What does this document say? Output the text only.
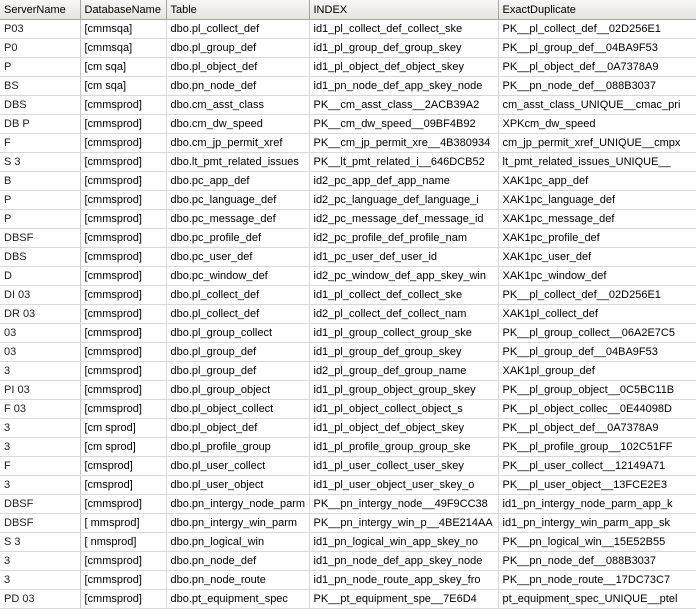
ServerName	DatabaseName	Table	INDEX	ExactDuplicate
P03	[cmmsqa]	dbo.pl_collect_def	id1_pl_collect_def_collect_ske	PK__pl_collect_def__02D256E1
P0	[cmmsqa]	dbo.pl_group_def	id1_pl_group_def_group_skey	PK__pl_group_def__04BA9F53
P	[cm sqa]	dbo.pl_object_def	id1_pl_object_def_object_skey	PK__pl_object_def__0A7378A9
BS	[cm sqa]	dbo.pn_node_def	id1_pn_node_def_app_skey_node	PK__pn_node_def__088B3037
DBS	[cmmsprod]	dbo.cm_asst_class	PK__cm_asst_class__2ACB39A2	cm_asst_class_UNIQUE__cmac_pri
DB P	[cmmsprod]	dbo.cm_dw_speed	PK__cm_dw_speed__09BF4B92	XPKcm_dw_speed
F	[cmmsprod]	dbo.cm_jp_permit_xref	PK__cm_jp_permit_xre__4B380934	cm_jp_permit_xref_UNIQUE__cmpx
S 3	[cmmsprod]	dbo.lt_pmt_related_issues	PK__lt_pmt_related_i__646DCB52	lt_pmt_related_issues_UNIQUE__
B	[cmmsprod]	dbo.pc_app_def	id2_pc_app_def_app_name	XAK1pc_app_def
P	[cmmsprod]	dbo.pc_language_def	id2_pc_language_def_language_i	XAK1pc_language_def
P	[cmmsprod]	dbo.pc_message_def	id2_pc_message_def_message_id	XAK1pc_message_def
DBSF	[cmmsprod]	dbo.pc_profile_def	id2_pc_profile_def_profile_nam	XAK1pc_profile_def
DBS	[cmmsprod]	dbo.pc_user_def	id1_pc_user_def_user_id	XAK1pc_user_def
D	[cmmsprod]	dbo.pc_window_def	id2_pc_window_def_app_skey_win	XAK1pc_window_def
DI 03	[cmmsprod]	dbo.pl_collect_def	id1_pl_collect_def_collect_ske	PK__pl_collect_def__02D256E1
DR 03	[cmmsprod]	dbo.pl_collect_def	id2_pl_collect_def_collect_nam	XAK1pl_collect_def
03	[cmmsprod]	dbo.pl_group_collect	id1_pl_group_collect_group_ske	PK__pl_group_collect__06A2E7C5
03	[cmmsprod]	dbo.pl_group_def	id1_pl_group_def_group_skey	PK__pl_group_def__04BA9F53
3	[cmmsprod]	dbo.pl_group_def	id2_pl_group_def_group_name	XAK1pl_group_def
PI 03	[cmmsprod]	dbo.pl_group_object	id1_pl_group_object_group_skey	PK__pl_group_object__0C5BC11B
F 03	[cmmsprod]	dbo.pl_object_collect	id1_pl_object_collect_object_s	PK__pl_object_collec__0E44098D
3	[cm sprod]	dbo.pl_object_def	id1_pl_object_def_object_skey	PK__pl_object_def__0A7378A9
3	[cm sprod]	dbo.pl_profile_group	id1_pl_profile_group_group_ske	PK__pl_profile_group__102C51FF
F	[cmsprod]	dbo.pl_user_collect	id1_pl_user_collect_user_skey	PK__pl_user_collect__12149A71
3	[cmsprod]	dbo.pl_user_object	id1_pl_user_object_user_skey_o	PK__pl_user_object__13FCE2E3
DBSF	[cmmsprod]	dbo.pn_intergy_node_parm	PK__pn_intergy_node__49F9CC38	id1_pn_intergy_node_parm_app_k
DBSF	[ mmsprod]	dbo.pn_intergy_win_parm	PK__pn_intergy_win_p__4BE214AA	id1_pn_intergy_win_parm_app_sk
S 3	[ nmsprod]	dbo.pn_logical_win	id1_pn_logical_win_app_skey_no	PK__pn_logical_win__15E52B55
3	[cmmsprod]	dbo.pn_node_def	id1_pn_node_def_app_skey_node	PK__pn_node_def__088B3037
3	[cmmsprod]	dbo.pn_node_route	id1_pn_node_route_app_skey_fro	PK__pn_node_route__17DC73C7
PD 03	[cmmsprod]	dbo.pt_equipment_spec	PK__pt_equipment_spe__7E6D4	pt_equipment_spec_UNIQUE__ptel
